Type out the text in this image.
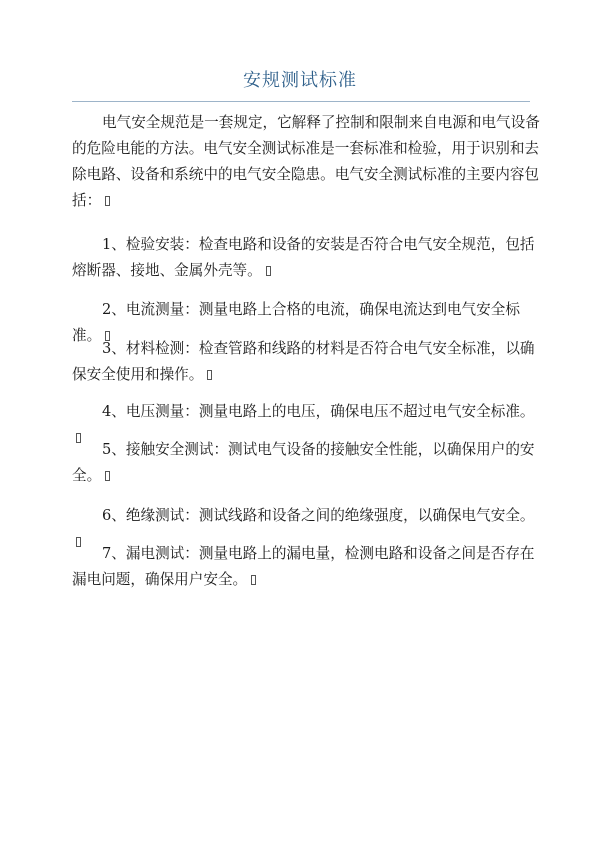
安规测试标准

电气安全规范是一套规定，它解释了控制和限制来自电源和电气设备的危险电能的方法。电气安全测试标准是一套标准和检验，用于识别和去除电路、设备和系统中的电气安全隐患。电气安全测试标准的主要内容包括：

1、检验安装：检查电路和设备的安装是否符合电气安全规范，包括熔断器、接地、金属外壳等。

2、电流测量：测量电路上合格的电流，确保电流达到电气安全标准。

3、材料检测：检查管路和线路的材料是否符合电气安全标准，以确保安全使用和操作。

4、电压测量：测量电路上的电压，确保电压不超过电气安全标准。

5、接触安全测试：测试电气设备的接触安全性能，以确保用户的安全。

6、绝缘测试：测试线路和设备之间的绝缘强度，以确保电气安全。

7、漏电测试：测量电路上的漏电量，检测电路和设备之间是否存在漏电问题，确保用户安全。
